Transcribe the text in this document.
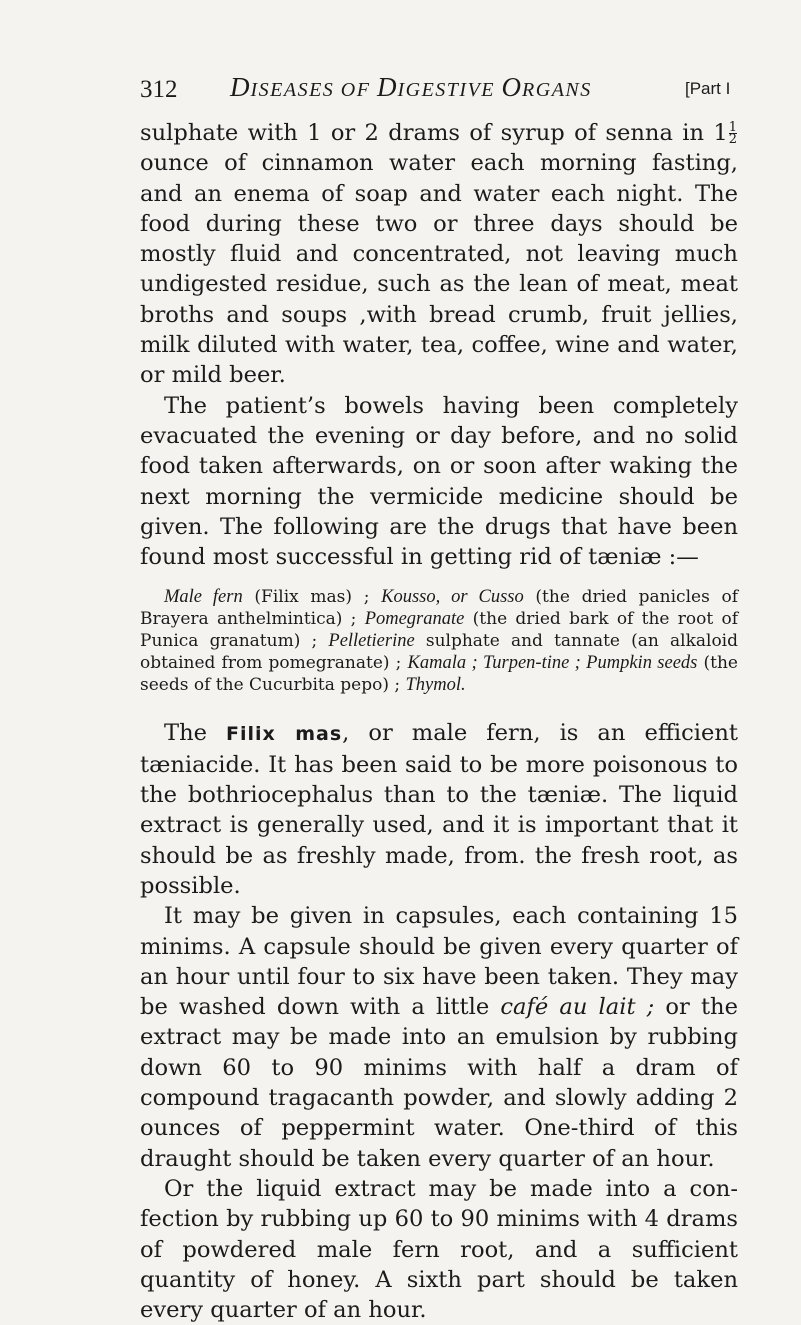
312 DISEASES OF DIGESTIVE ORGANS	[Part I

sulphate with 1 or 2 drams of syrup of senna in $1 \frac{1}{2}$
ounce of cinnamon water each morning fasting, and an enema of soap and water each night. The food during these two or three days should be mostly fluid and concentrated, not leaving much undigested residue, such as the lean of meat, meat broths and soups ,with bread crumb, fruit jellies, milk diluted with water, tea, coffee, wine and water, or mild beer.

The patient’s bowels having been completely evacuated the evening or day before, and no solid food taken afterwards, on or soon after waking the next morning the vermicide medicine should be given. The following are the drugs that have been found most successful in getting rid of tæniæ :—

Male fern (Filix mas) ; Kousso, or Cusso (the dried panicles of Brayera anthelmintica) ; Pomegranate (the dried bark of the root of Punica granatum) ; Pelletierine sulphate and tannate (an alkaloid obtained from pomegranate) ; Kamala ; Turpen-tine ; Pumpkin seeds (the seeds of the Cucurbita pepo) ; Thymol.

The Filix mas, or male fern, is an efficient tæniacide. It has been said to be more poisonous to the bothriocephalus than to the tæniæ. The liquid extract is generally used, and it is important that it should be as freshly made, from. the fresh root, as possible.

It may be given in capsules, each containing 15 minims. A capsule should be given every quarter of an hour until four to six have been taken. They may be washed down with a little café au lait ; or the extract may be made into an emulsion by rubbing down 60 to 90 minims with half a dram of compound tragacanth powder, and slowly adding 2 ounces of peppermint water. One-third of this draught should be taken every quarter of an hour.

Or the liquid extract may be made into a con-fection by rubbing up 60 to 90 minims with 4 drams of powdered male fern root, and a sufficient quantity of honey. A sixth part should be taken every quarter of an hour.
